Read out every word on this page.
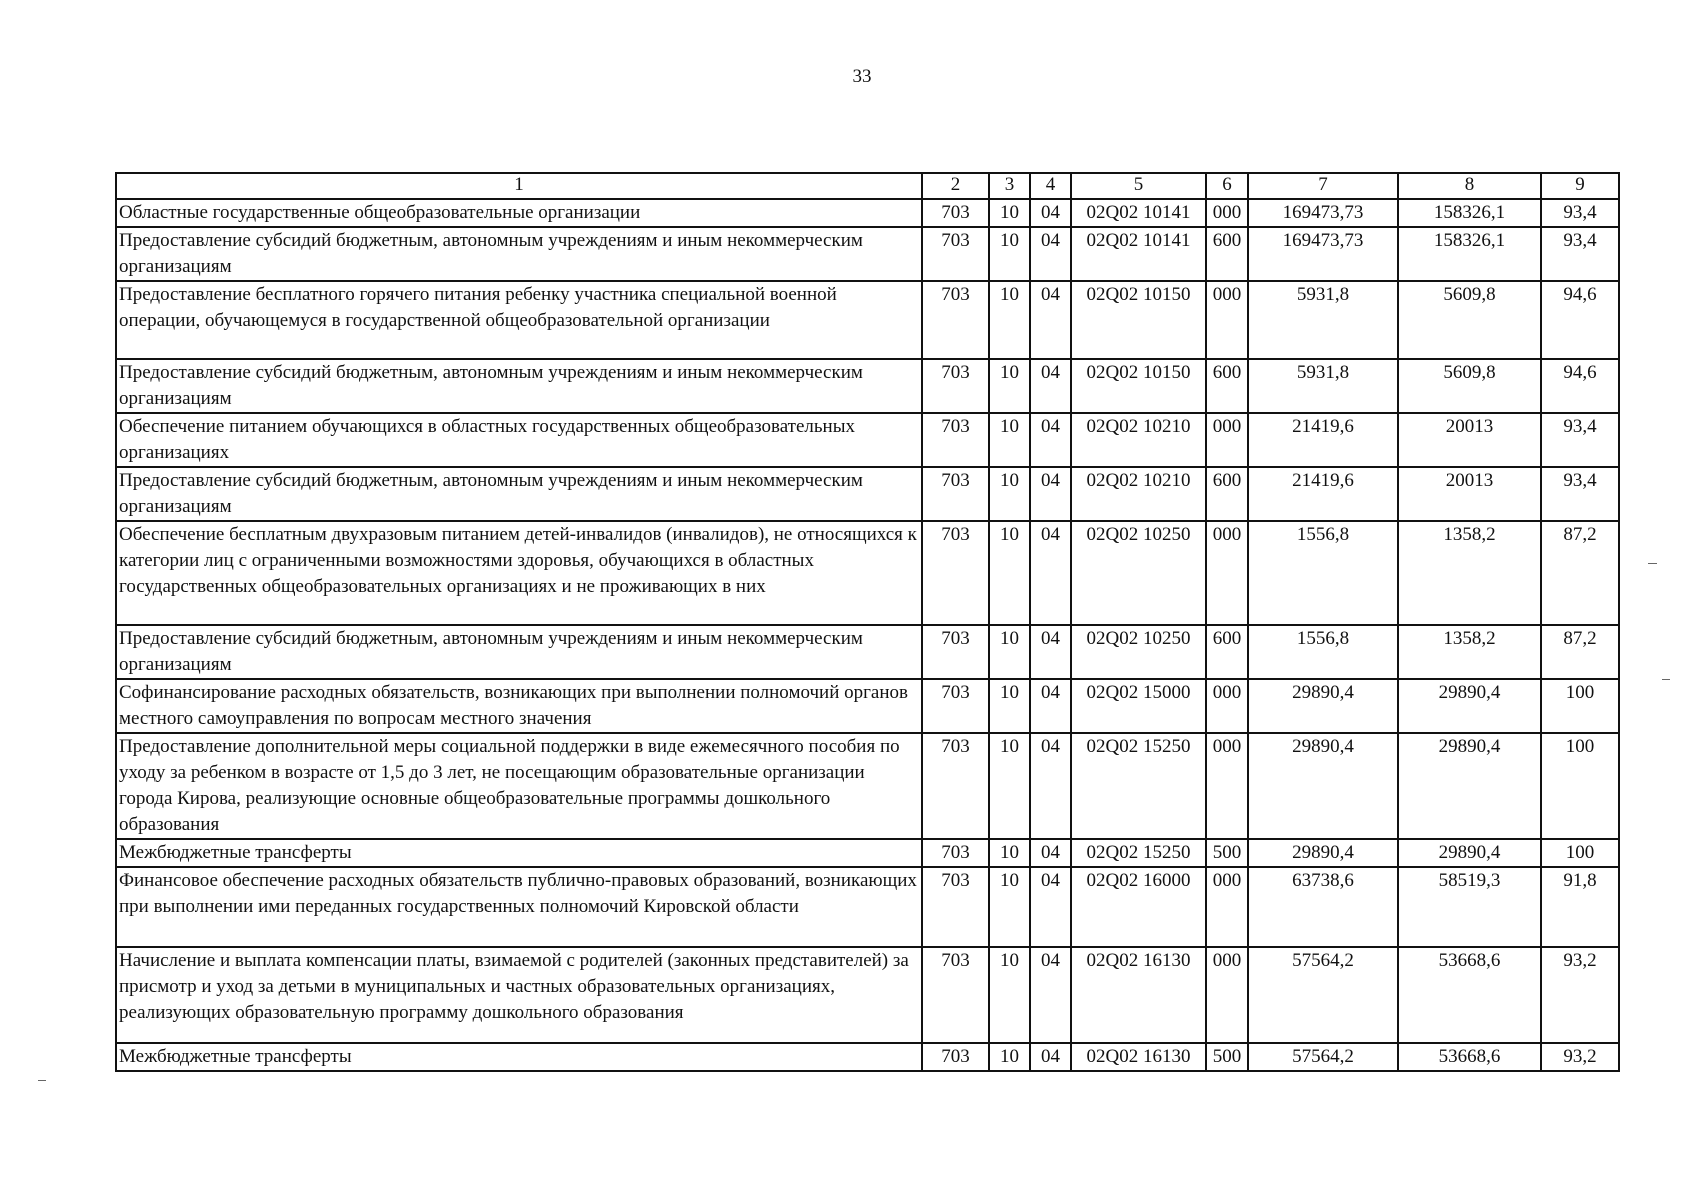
33
1	2	3	4	5	6	7	8	9
Областные государственные общеобразовательные организации	703	10	04	02Q02 10141	000	169473,73	158326,1	93,4
Предоставление субсидий бюджетным, автономным учреждениям и иным некоммерческим организациям	703	10	04	02Q02 10141	600	169473,73	158326,1	93,4
Предоставление бесплатного горячего питания ребенку участника специальной военной операции, обучающемуся в государственной общеобразовательной организации	703	10	04	02Q02 10150	000	5931,8	5609,8	94,6
Предоставление субсидий бюджетным, автономным учреждениям и иным некоммерческим организациям	703	10	04	02Q02 10150	600	5931,8	5609,8	94,6
Обеспечение питанием обучающихся в областных государственных общеобразовательных организациях	703	10	04	02Q02 10210	000	21419,6	20013	93,4
Предоставление субсидий бюджетным, автономным учреждениям и иным некоммерческим организациям	703	10	04	02Q02 10210	600	21419,6	20013	93,4
Обеспечение бесплатным двухразовым питанием детей-инвалидов (инвалидов), не относящихся к категории лиц с ограниченными возможностями здоровья, обучающихся в областных государственных общеобразовательных организациях и не проживающих в них	703	10	04	02Q02 10250	000	1556,8	1358,2	87,2
Предоставление субсидий бюджетным, автономным учреждениям и иным некоммерческим организациям	703	10	04	02Q02 10250	600	1556,8	1358,2	87,2
Софинансирование расходных обязательств, возникающих при выполнении полномочий органов местного самоуправления по вопросам местного значения	703	10	04	02Q02 15000	000	29890,4	29890,4	100
Предоставление дополнительной меры социальной поддержки в виде ежемесячного пособия по уходу за ребенком в возрасте от 1,5 до 3 лет, не посещающим образовательные организации города Кирова, реализующие основные общеобразовательные программы дошкольного образования	703	10	04	02Q02 15250	000	29890,4	29890,4	100
Межбюджетные трансферты	703	10	04	02Q02 15250	500	29890,4	29890,4	100
Финансовое обеспечение расходных обязательств публично-правовых образований, возникающих при выполнении ими переданных государственных полномочий Кировской области	703	10	04	02Q02 16000	000	63738,6	58519,3	91,8
Начисление и выплата компенсации платы, взимаемой с родителей (законных представителей) за присмотр и уход за детьми в муниципальных и частных образовательных организациях, реализующих образовательную программу дошкольного образования	703	10	04	02Q02 16130	000	57564,2	53668,6	93,2
Межбюджетные трансферты	703	10	04	02Q02 16130	500	57564,2	53668,6	93,2
